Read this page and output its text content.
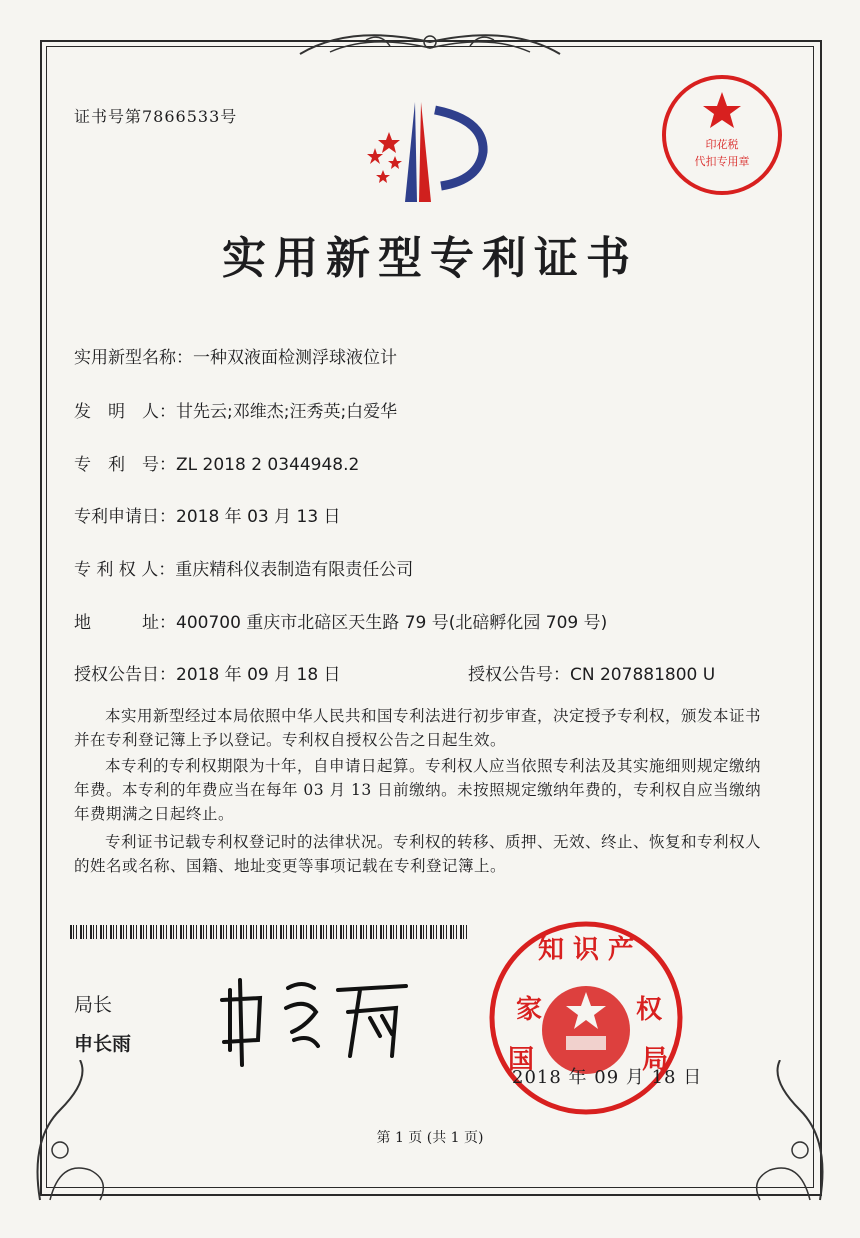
证书号第7866533号
印花税
代扣专用章
实用新型专利证书
实用新型名称：一种双液面检测浮球液位计
发　明　人：甘先云;邓维杰;汪秀英;白爱华
专　利　号：ZL 2018 2 0344948.2
专利申请日：2018 年 03 月 13 日
专 利 权 人：重庆精科仪表制造有限责任公司
地　　　址：400700 重庆市北碚区天生路 79 号(北碚孵化园 709 号)
授权公告日：2018 年 09 月 18 日	授权公告号：CN 207881800 U
本实用新型经过本局依照中华人民共和国专利法进行初步审查，决定授予专利权，颁发本证书并在专利登记簿上予以登记。专利权自授权公告之日起生效。
本专利的专利权期限为十年，自申请日起算。专利权人应当依照专利法及其实施细则规定缴纳年费。本专利的年费应当在每年 03 月 13 日前缴纳。未按照规定缴纳年费的，专利权自应当缴纳年费期满之日起终止。
专利证书记载专利权登记时的法律状况。专利权的转移、质押、无效、终止、恢复和专利权人的姓名或名称、国籍、地址变更等事项记载在专利登记簿上。
局长
申长雨
知 识 产
家	权
国	局
2018 年 09 月 18 日
第 1 页 (共 1 页)
